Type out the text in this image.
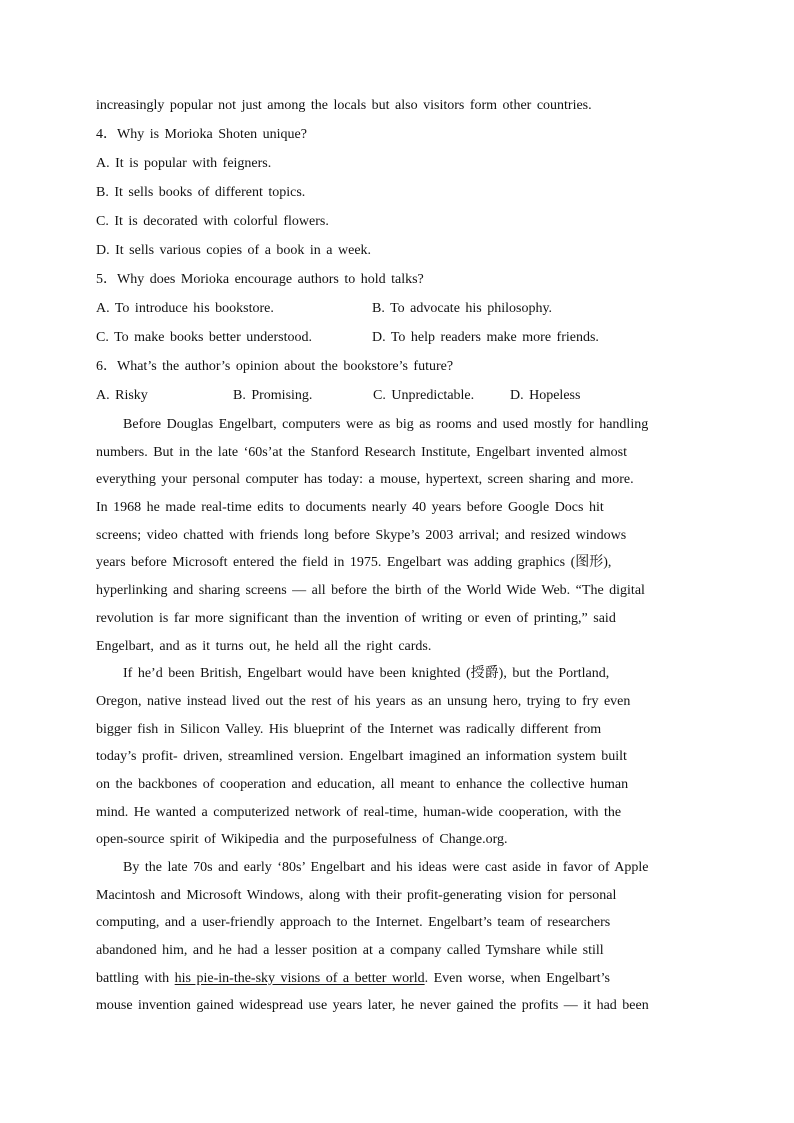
increasingly popular not just among the locals but also visitors form other countries.
4．Why is Morioka Shoten unique?
A. It is popular with feigners.
B. It sells books of different topics.
C. It is decorated with colorful flowers.
D. It sells various copies of a book in a week.
5．Why does Morioka encourage authors to hold talks?
A. To introduce his bookstore.	B. To advocate his philosophy.
C. To make books better understood.	D. To help readers make more friends.
6．What’s the author’s opinion about the bookstore’s future?
A. Risky	B. Promising.	C. Unpredictable.	D. Hopeless
Before Douglas Engelbart, computers were as big as rooms and used mostly for handling
numbers. But in the late ‘60s’at the Stanford Research Institute, Engelbart invented almost
everything your personal computer has today: a mouse, hypertext, screen sharing and more.
In 1968 he made real-time edits to documents nearly 40 years before Google Docs hit
screens; video chatted with friends long before Skype’s 2003 arrival; and resized windows
years before Microsoft entered the field in 1975. Engelbart was adding graphics (图形),
hyperlinking and sharing screens — all before the birth of the World Wide Web. “The digital
revolution is far more significant than the invention of writing or even of printing,” said
Engelbart, and as it turns out, he held all the right cards.
If he’d been British, Engelbart would have been knighted (授爵), but the Portland,
Oregon, native instead lived out the rest of his years as an unsung hero, trying to fry even
bigger fish in Silicon Valley. His blueprint of the Internet was radically different from
today’s profit- driven, streamlined version. Engelbart imagined an information system built
on the backbones of cooperation and education, all meant to enhance the collective human
mind. He wanted a computerized network of real-time, human-wide cooperation, with the
open-source spirit of Wikipedia and the purposefulness of Change.org.
By the late 70s and early ‘80s’ Engelbart and his ideas were cast aside in favor of Apple
Macintosh and Microsoft Windows, along with their profit-generating vision for personal
computing, and a user-friendly approach to the Internet. Engelbart’s team of researchers
abandoned him, and he had a lesser position at a company called Tymshare while still
battling with his pie-in-the-sky visions of a better world. Even worse, when Engelbart’s
mouse invention gained widespread use years later, he never gained the profits — it had been
